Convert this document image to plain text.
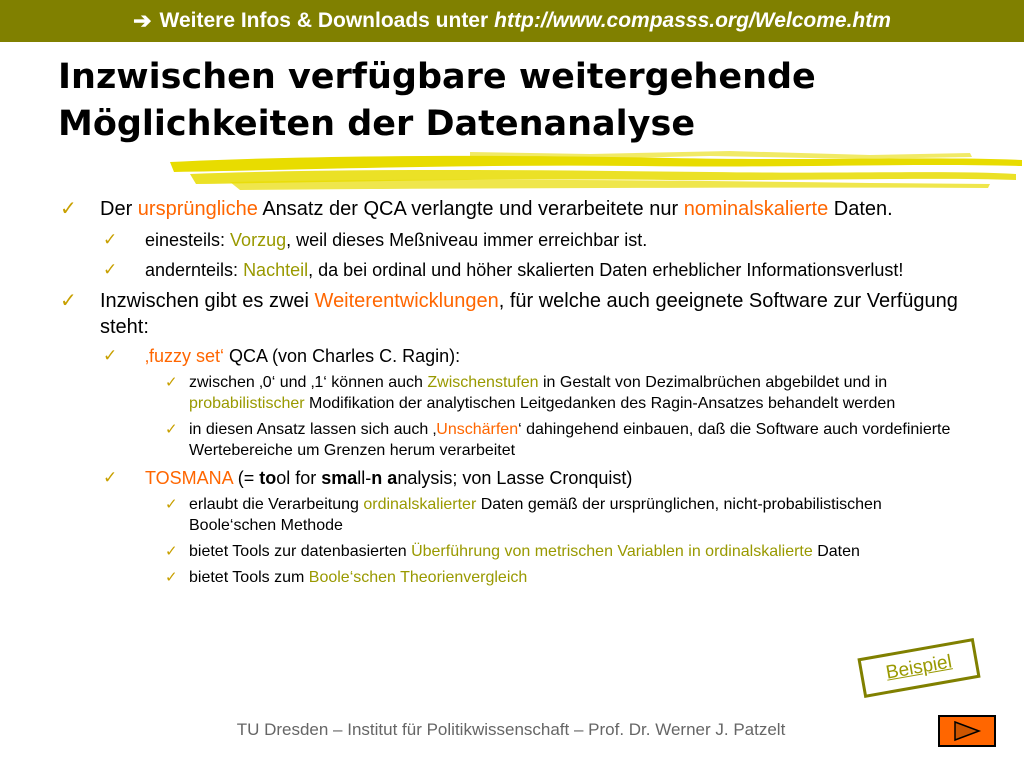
➔ Weitere Infos & Downloads unter http://www.compasss.org/Welcome.htm
Inzwischen verfügbare weitergehende
Möglichkeiten der Datenanalyse
✓	Der ursprüngliche Ansatz der QCA verlangte und verarbeitete nur nominalskalierte Daten.
✓	einesteils: Vorzug, weil dieses Meßniveau immer erreichbar ist.
✓	andernteils: Nachteil, da bei ordinal und höher skalierten Daten erheblicher Informationsverlust!
✓	Inzwischen gibt es zwei Weiterentwicklungen, für welche auch geeignete Software zur Verfügung steht:
✓	‚fuzzy set‘ QCA (von Charles C. Ragin):
✓ zwischen ‚0‘ und ‚1‘ können auch Zwischenstufen in Gestalt von Dezimalbrüchen abgebildet und in probabilistischer Modifikation der analytischen Leitgedanken des Ragin-Ansatzes behandelt werden
✓ in diesen Ansatz lassen sich auch ‚Unschärfen‘ dahingehend einbauen, daß die Software auch vordefinierte Wertebereiche um Grenzen herum verarbeitet
✓	TOSMANA (= tool for small-n analysis; von Lasse Cronquist)
✓ erlaubt die Verarbeitung ordinalskalierter Daten gemäß der ursprünglichen, nicht-probabilistischen Boole‘schen Methode
✓ bietet Tools zur datenbasierten Überführung von metrischen Variablen in ordinalskalierte Daten
✓ bietet Tools zum Boole‘schen Theorienvergleich
Beispiel
TU Dresden – Institut für Politikwissenschaft – Prof. Dr. Werner J. Patzelt
